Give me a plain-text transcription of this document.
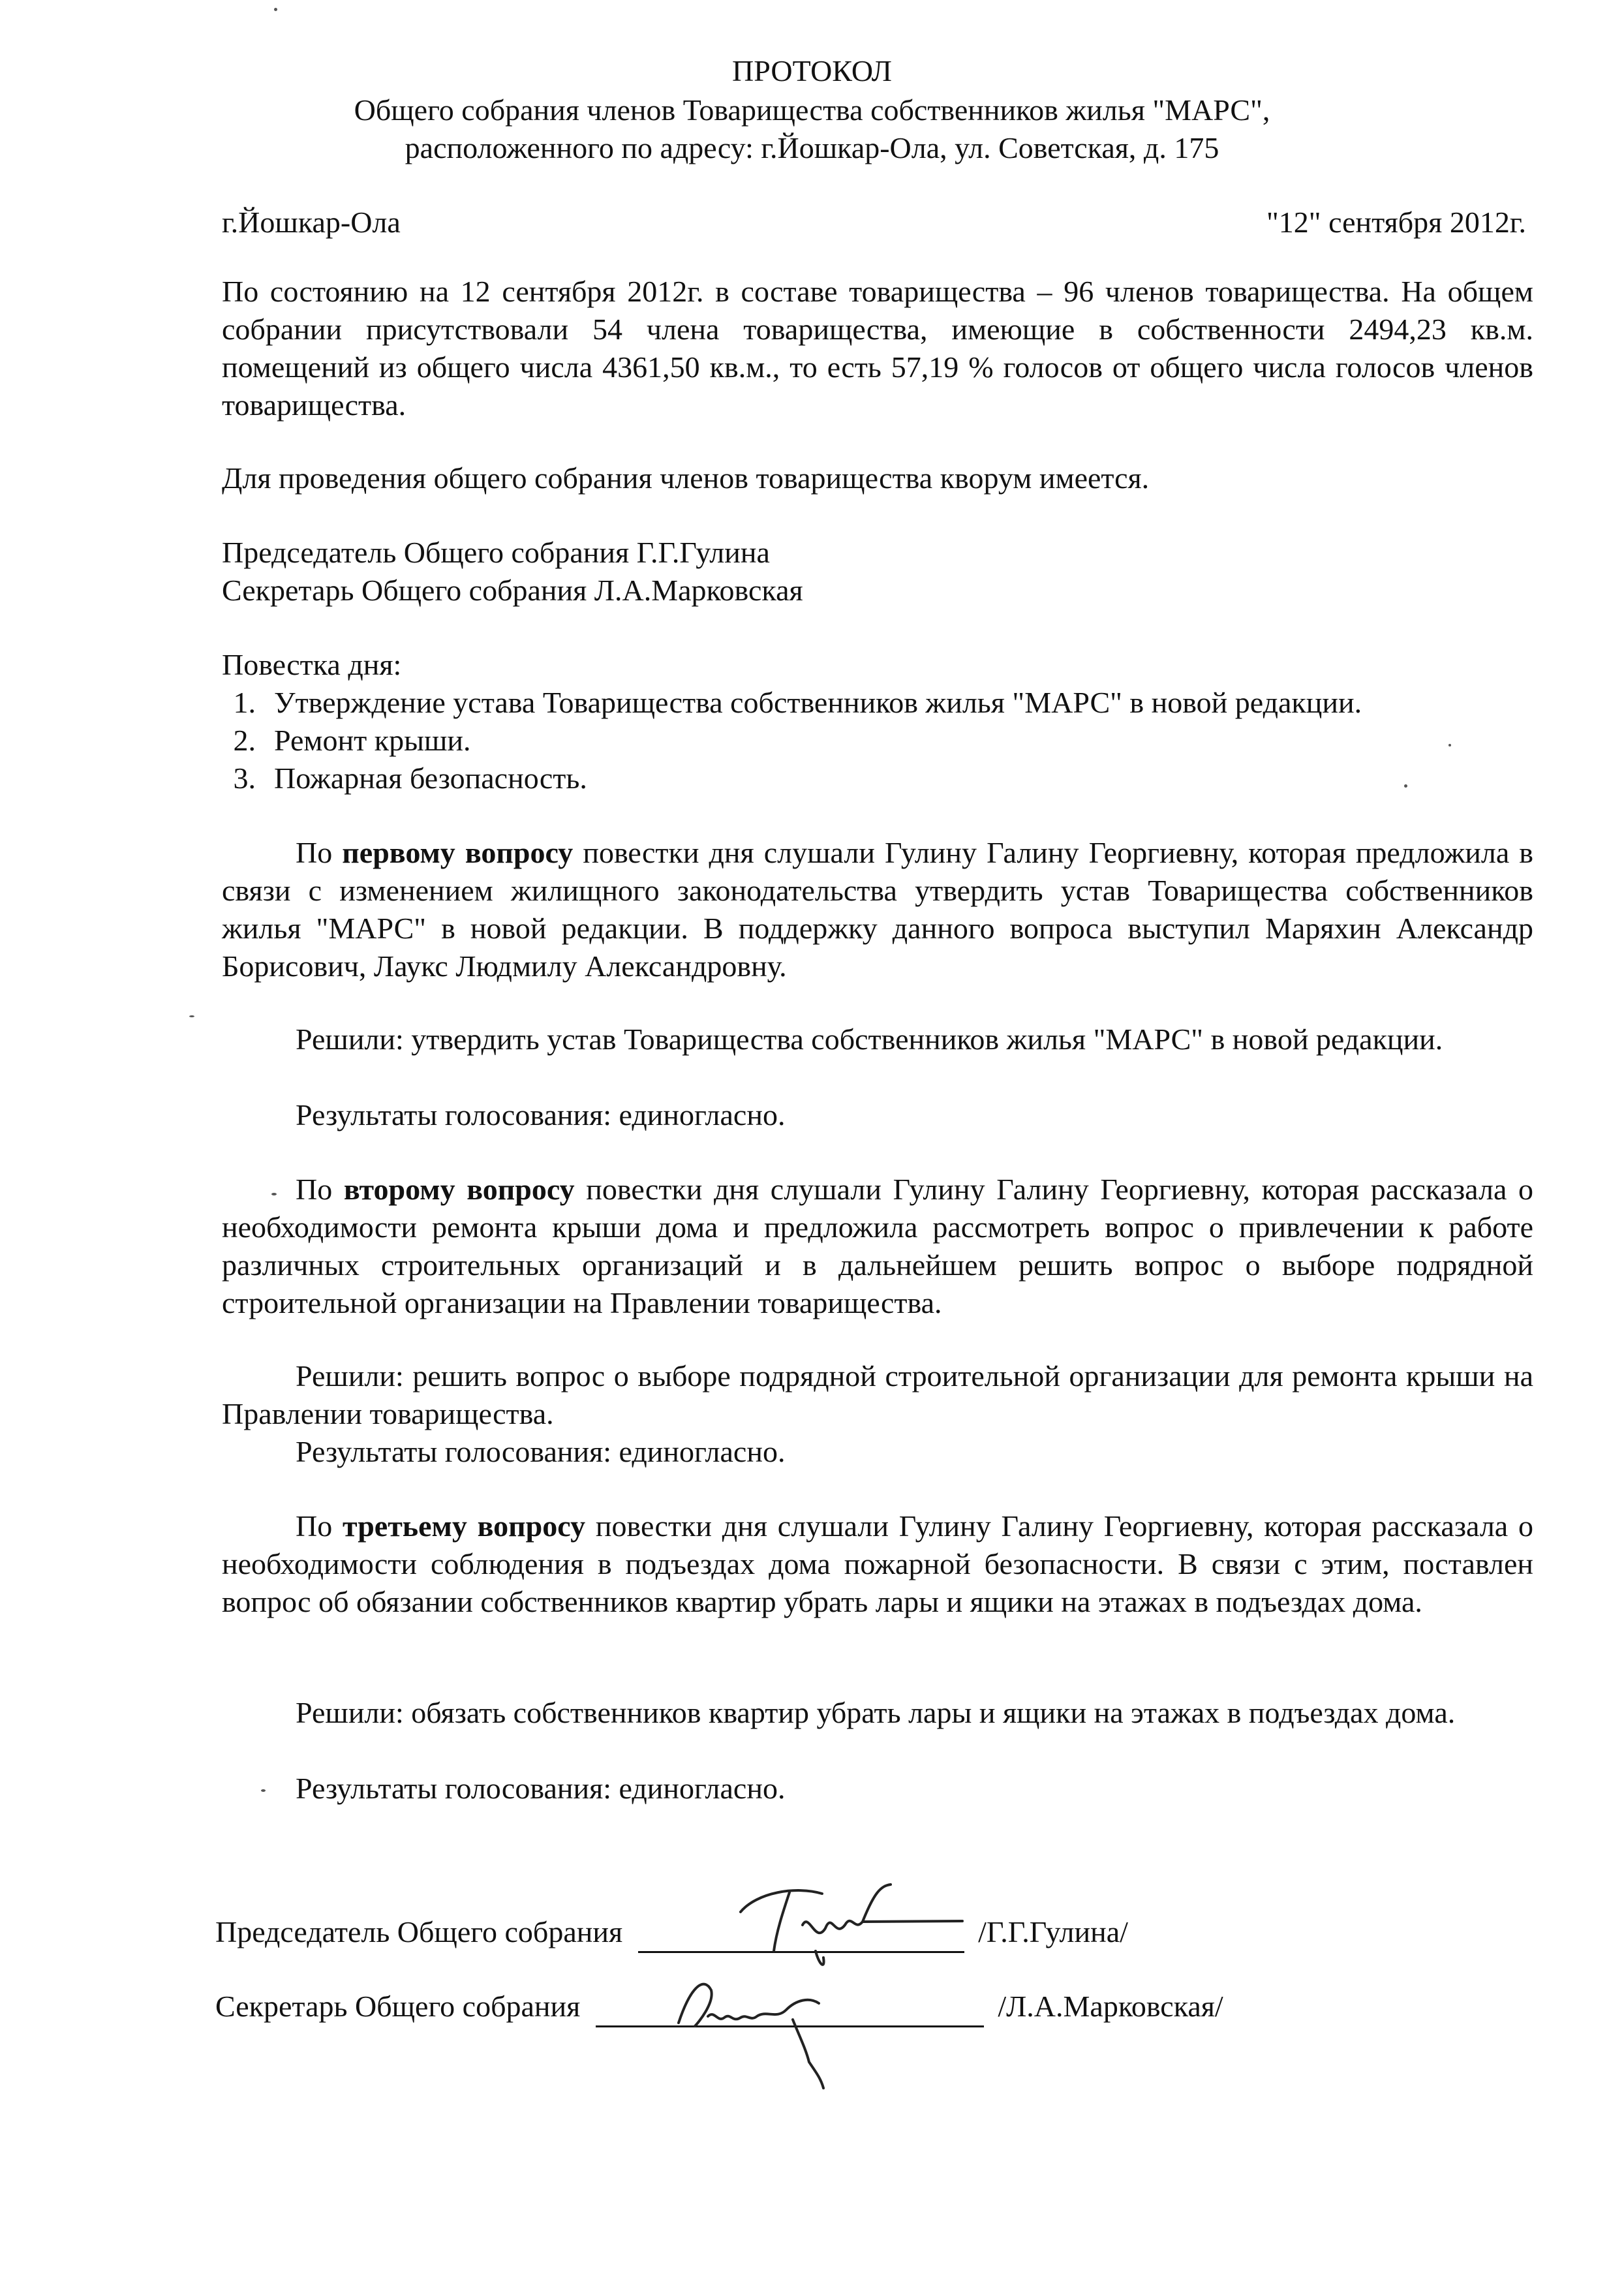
ПРОТОКОЛ
Общего собрания членов Товарищества собственников жилья "МАРС",
расположенного по адресу: г.Йошкар-Ола, ул. Советская, д. 175
г.Йошкар-Ола	"12" сентября 2012г.
По состоянию на 12 сентября 2012г. в составе товарищества – 96 членов товарищества. На общем собрании присутствовали 54 члена товарищества, имеющие в собственности 2494,23 кв.м. помещений из общего числа 4361,50 кв.м., то есть 57,19 % голосов от общего числа голосов членов товарищества.
Для проведения общего собрания членов товарищества кворум имеется.
Председатель Общего собрания Г.Г.Гулина
Секретарь Общего собрания Л.А.Марковская
Повестка дня:
1. Утверждение устава Товарищества собственников жилья "МАРС" в новой редакции.
2. Ремонт крыши.
3. Пожарная безопасность.
По первому вопросу повестки дня слушали Гулину Галину Георгиевну, которая предложила в связи с изменением жилищного законодательства утвердить устав Товарищества собственников жилья "МАРС" в новой редакции. В поддержку данного вопроса выступил Маряхин Александр Борисович, Лаукс Людмилу Александровну.
Решили: утвердить устав Товарищества собственников жилья "МАРС" в новой редакции.
Результаты голосования: единогласно.
По второму вопросу повестки дня слушали Гулину Галину Георгиевну, которая рассказала о необходимости ремонта крыши дома и предложила рассмотреть вопрос о привлечении к работе различных строительных организаций и в дальнейшем решить вопрос о выборе подрядной строительной организации на Правлении товарищества.
Решили: решить вопрос о выборе подрядной строительной организации для ремонта крыши на Правлении товарищества.
Результаты голосования: единогласно.
По третьему вопросу повестки дня слушали Гулину Галину Георгиевну, которая рассказала о необходимости соблюдения в подъездах дома пожарной безопасности. В связи с этим, поставлен вопрос об обязании собственников квартир убрать лары и ящики на этажах в подъездах дома.
Решили: обязать собственников квартир убрать лары и ящики на этажах в подъездах дома.
Результаты голосования: единогласно.
Председатель Общего собрания	/Г.Г.Гулина/
Секретарь Общего собрания	/Л.А.Марковская/
